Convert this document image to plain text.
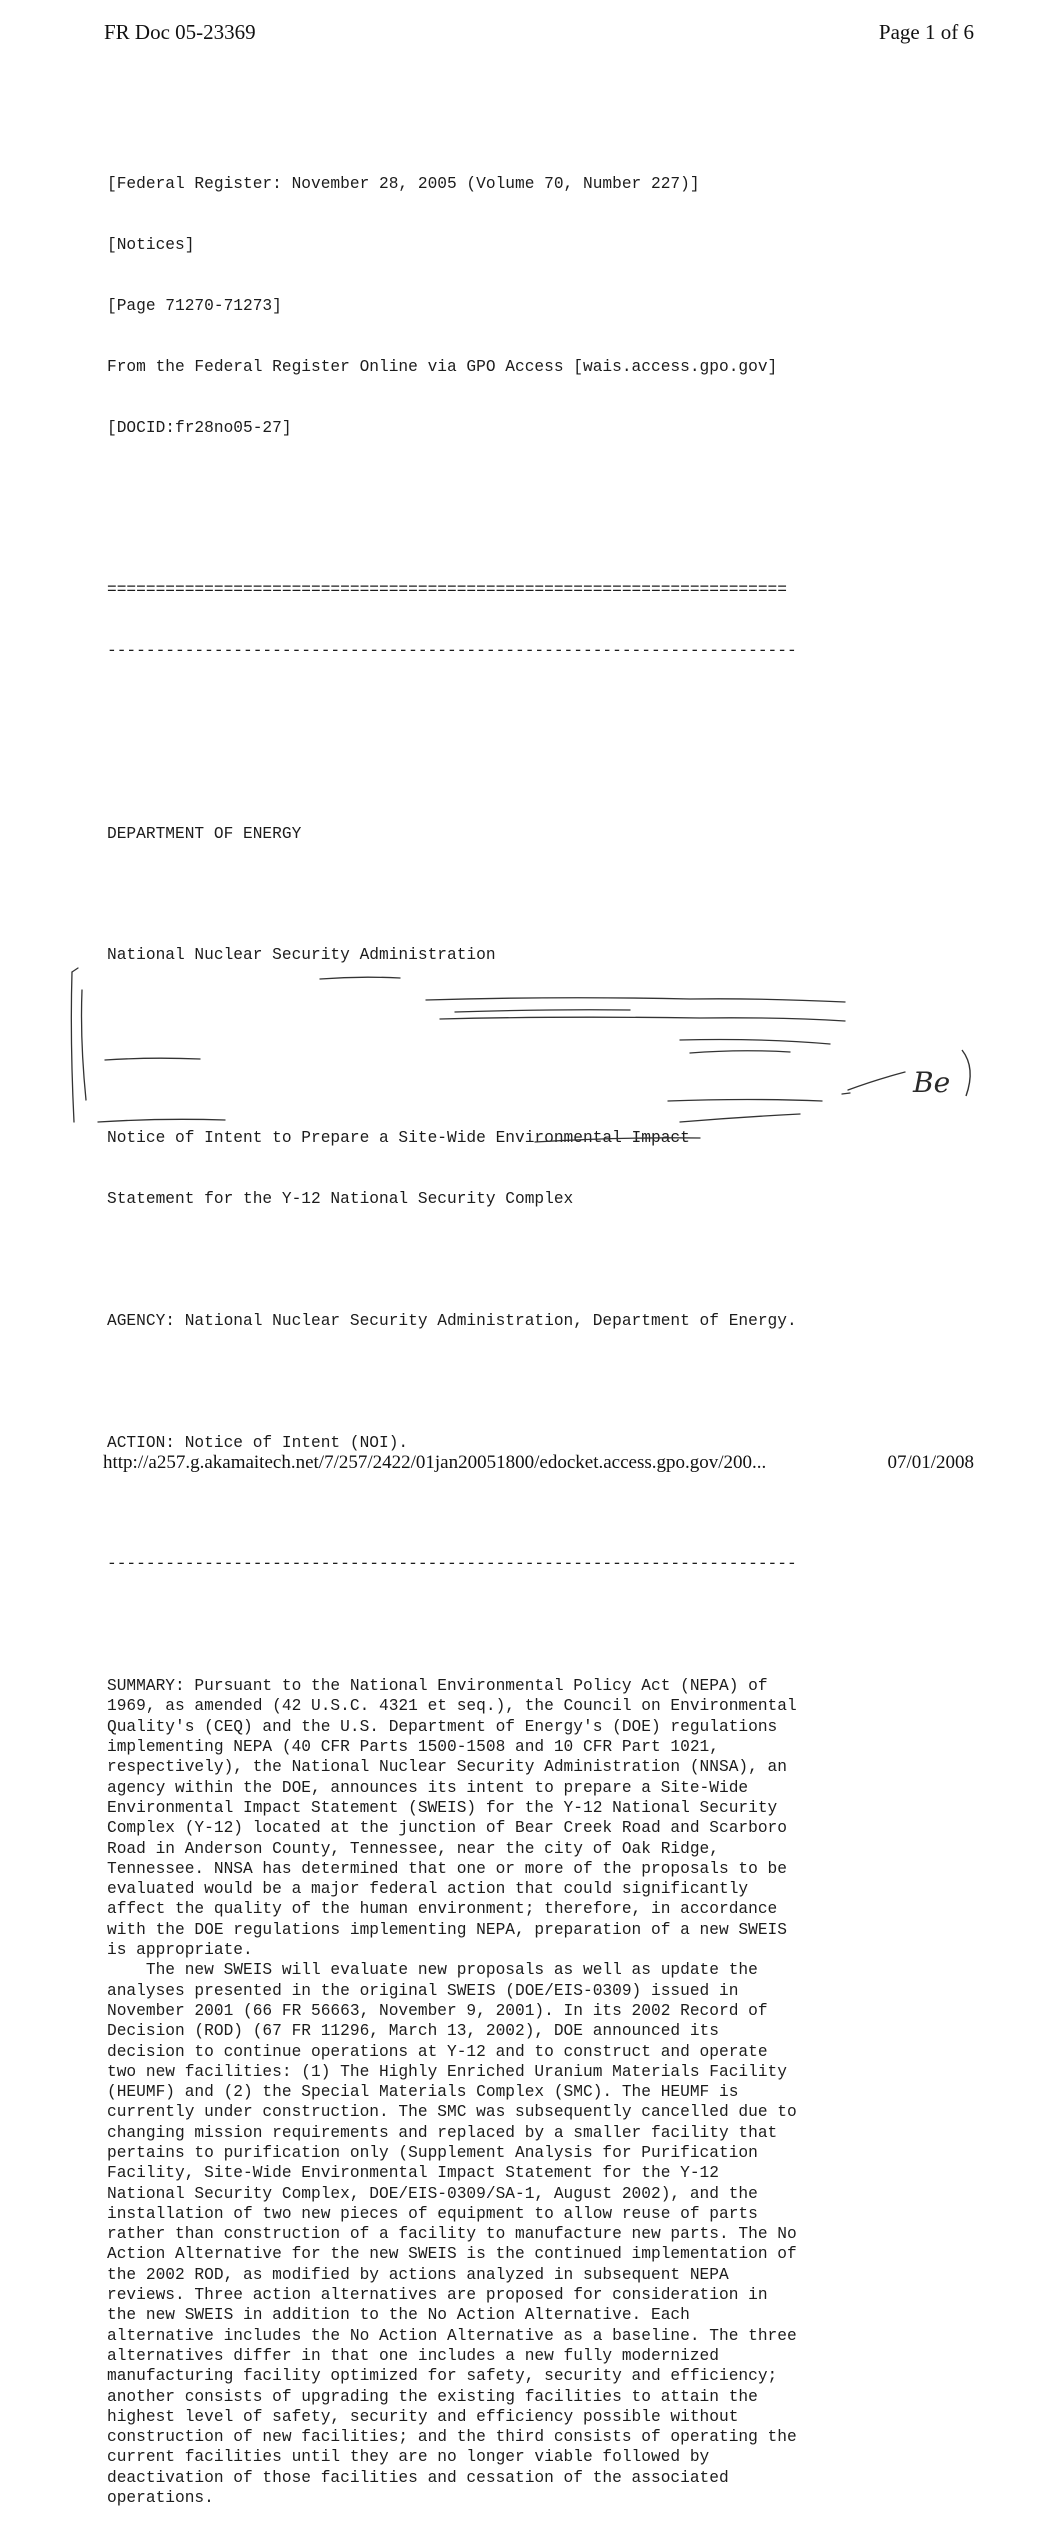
FR Doc 05-23369	Page 1 of 6

[Federal Register: November 28, 2005 (Volume 70, Number 227)]

[Notices]

[Page 71270-71273]

From the Federal Register Online via GPO Access [wais.access.gpo.gov]

[DOCID:fr28no05-27]

======================================================================

-----------------------------------------------------------------------

DEPARTMENT OF ENERGY

National Nuclear Security Administration

Notice of Intent to Prepare a Site-Wide Environmental Impact

Statement for the Y-12 National Security Complex

AGENCY: National Nuclear Security Administration, Department of Energy.

ACTION: Notice of Intent (NOI).

-----------------------------------------------------------------------

SUMMARY: Pursuant to the National Environmental Policy Act (NEPA) of
1969, as amended (42 U.S.C. 4321 et seq.), the Council on Environmental
Quality's (CEQ) and the U.S. Department of Energy's (DOE) regulations
implementing NEPA (40 CFR Parts 1500-1508 and 10 CFR Part 1021,
respectively), the National Nuclear Security Administration (NNSA), an
agency within the DOE, announces its intent to prepare a Site-Wide
Environmental Impact Statement (SWEIS) for the Y-12 National Security
Complex (Y-12) located at the junction of Bear Creek Road and Scarboro
Road in Anderson County, Tennessee, near the city of Oak Ridge,
Tennessee. NNSA has determined that one or more of the proposals to be
evaluated would be a major federal action that could significantly
affect the quality of the human environment; therefore, in accordance
with the DOE regulations implementing NEPA, preparation of a new SWEIS
is appropriate.
The new SWEIS will evaluate new proposals as well as update the
analyses presented in the original SWEIS (DOE/EIS-0309) issued in
November 2001 (66 FR 56663, November 9, 2001). In its 2002 Record of
Decision (ROD) (67 FR 11296, March 13, 2002), DOE announced its
decision to continue operations at Y-12 and to construct and operate
two new facilities: (1) The Highly Enriched Uranium Materials Facility
(HEUMF) and (2) the Special Materials Complex (SMC). The HEUMF is
currently under construction. The SMC was subsequently cancelled due to
changing mission requirements and replaced by a smaller facility that
pertains to purification only (Supplement Analysis for Purification
Facility, Site-Wide Environmental Impact Statement for the Y-12
National Security Complex, DOE/EIS-0309/SA-1, August 2002), and the
installation of two new pieces of equipment to allow reuse of parts
rather than construction of a facility to manufacture new parts. The No
Action Alternative for the new SWEIS is the continued implementation of
the 2002 ROD, as modified by actions analyzed in subsequent NEPA
reviews. Three action alternatives are proposed for consideration in
the new SWEIS in addition to the No Action Alternative. Each
alternative includes the No Action Alternative as a baseline. The three
alternatives differ in that one includes a new fully modernized
manufacturing facility optimized for safety, security and efficiency;
another consists of upgrading the existing facilities to attain the
highest level of safety, security and efficiency possible without
construction of new facilities; and the third consists of operating the
current facilities until they are no longer viable followed by
deactivation of those facilities and cessation of the associated
operations.

Be
http://a257.g.akamaitech.net/7/257/2422/01jan20051800/edocket.access.gpo.gov/200...	07/01/2008
